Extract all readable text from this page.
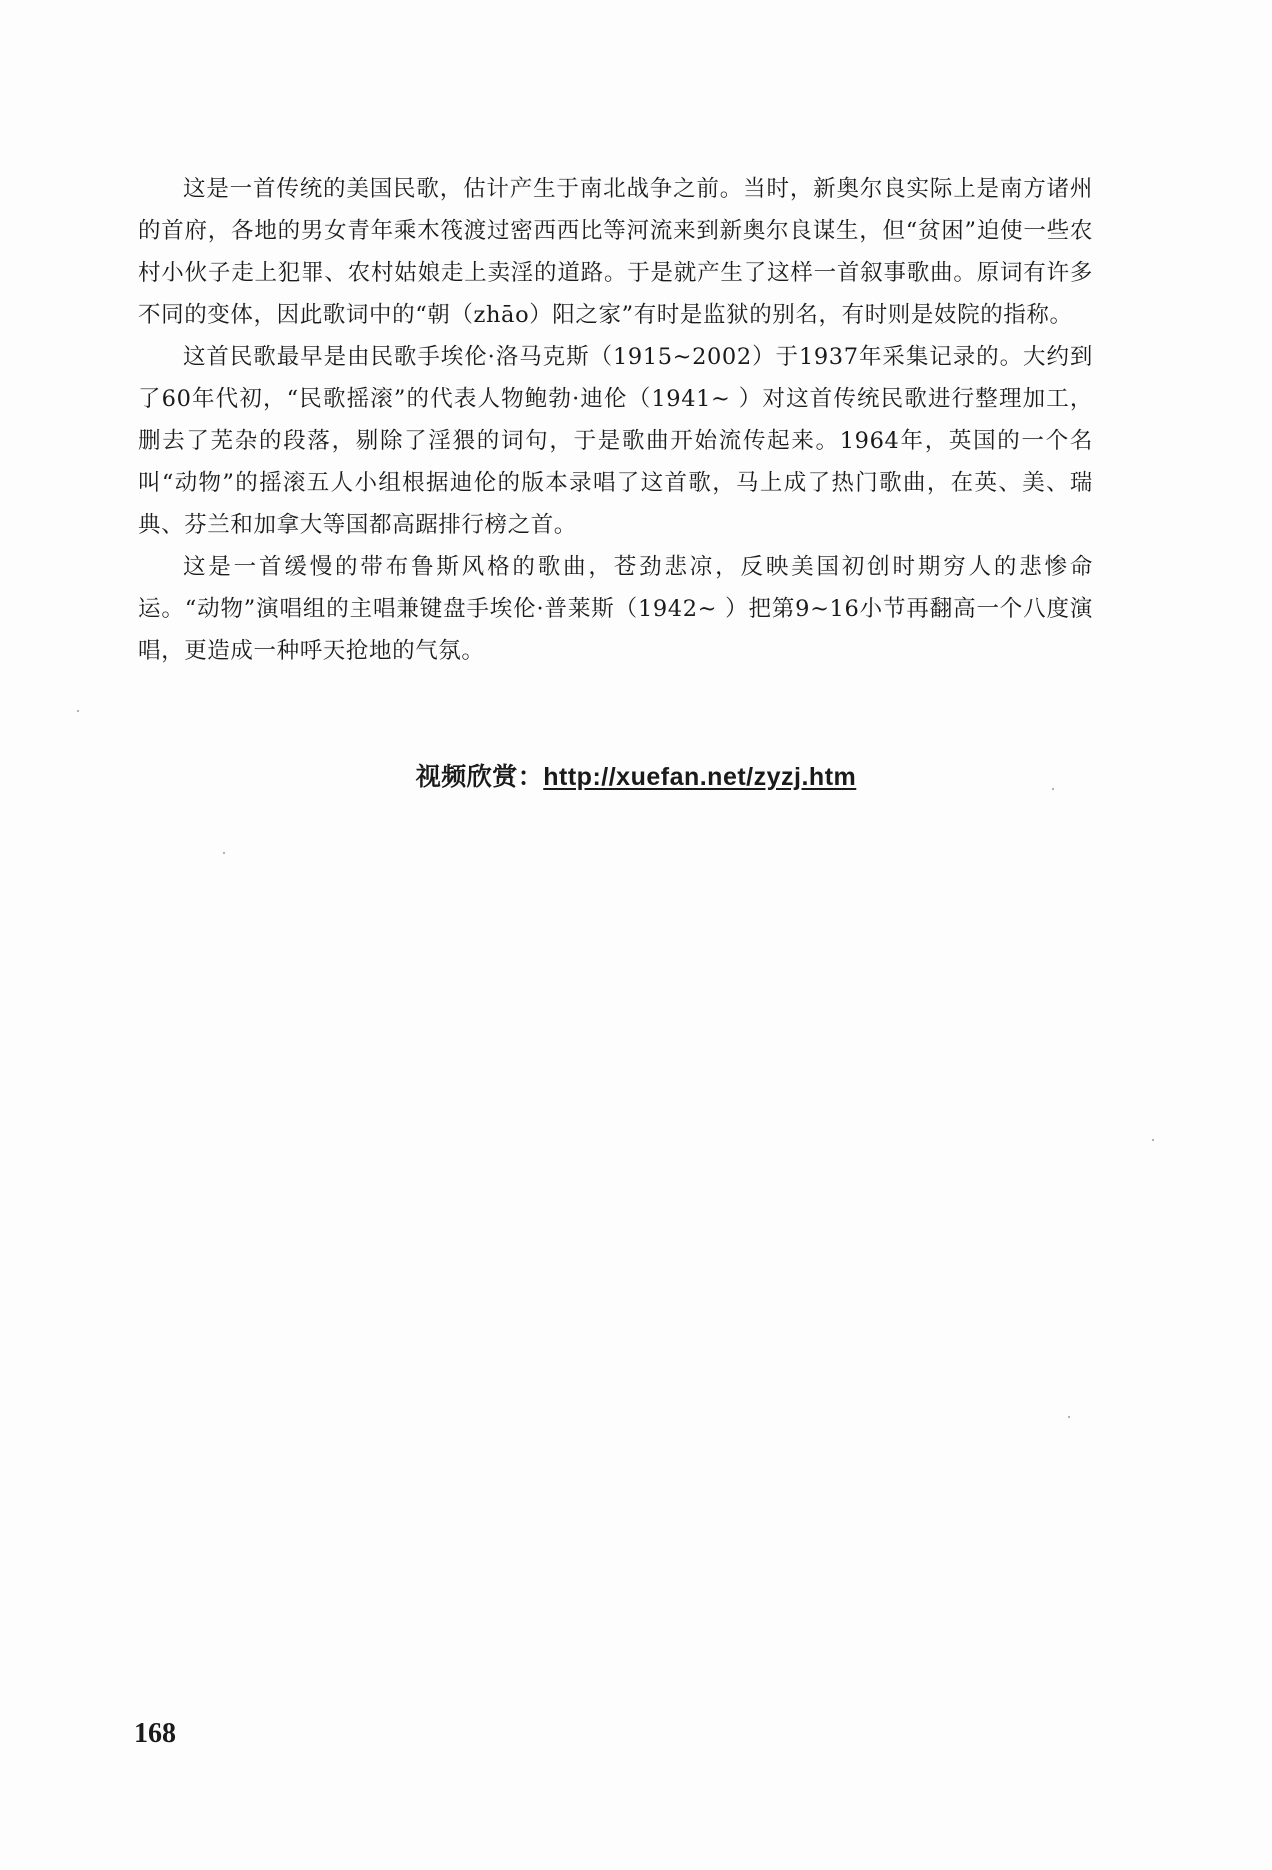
这是一首传统的美国民歌，估计产生于南北战争之前。当时，新奥尔良实际上是南方诸州的首府，各地的男女青年乘木筏渡过密西西比等河流来到新奥尔良谋生，但“贫困”迫使一些农村小伙子走上犯罪、农村姑娘走上卖淫的道路。于是就产生了这样一首叙事歌曲。原词有许多不同的变体，因此歌词中的“朝（zhāo）阳之家”有时是监狱的别名，有时则是妓院的指称。

这首民歌最早是由民歌手埃伦·洛马克斯（1915~2002）于1937年采集记录的。大约到了60年代初，“民歌摇滚”的代表人物鲍勃·迪伦（1941~ ）对这首传统民歌进行整理加工，删去了芜杂的段落，剔除了淫猥的词句，于是歌曲开始流传起来。1964年，英国的一个名叫“动物”的摇滚五人小组根据迪伦的版本录唱了这首歌，马上成了热门歌曲，在英、美、瑞典、芬兰和加拿大等国都高踞排行榜之首。

这是一首缓慢的带布鲁斯风格的歌曲，苍劲悲凉，反映美国初创时期穷人的悲惨命运。“动物”演唱组的主唱兼键盘手埃伦·普莱斯（1942~ ）把第9~16小节再翻高一个八度演唱，更造成一种呼天抢地的气氛。

视频欣赏：http://xuefan.net/zyzj.htm
168
